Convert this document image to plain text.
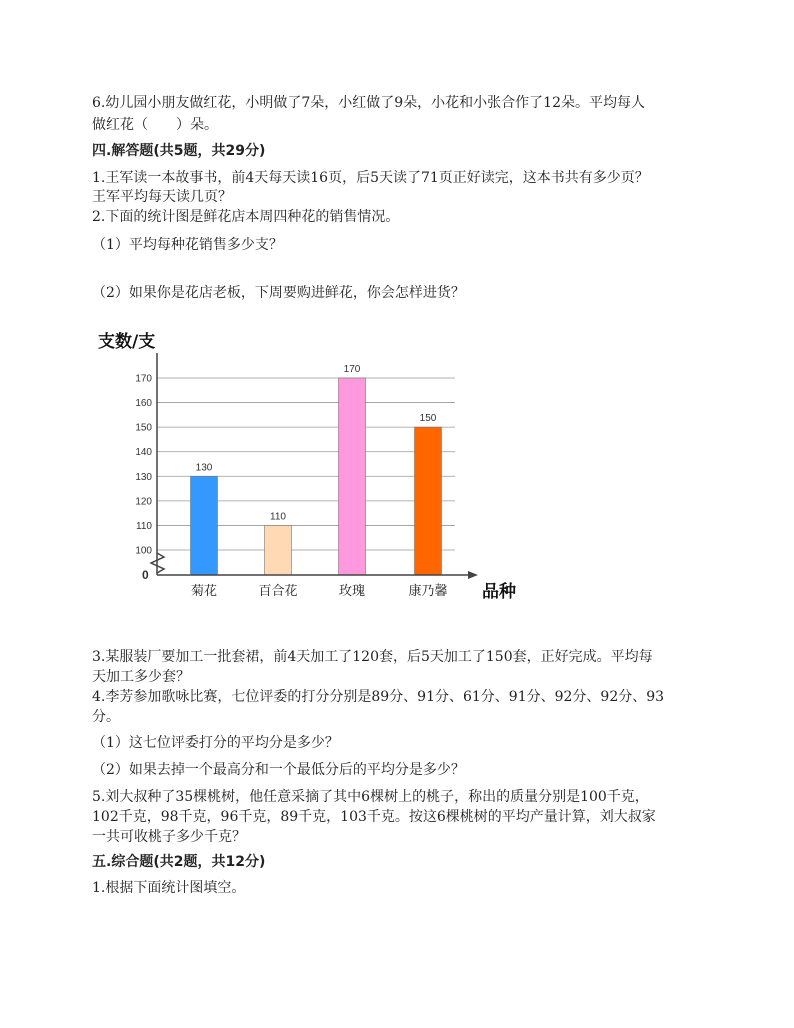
6.幼儿园小朋友做红花，小明做了7朵，小红做了9朵，小花和小张合作了12朵。平均每人
做红花（　　）朵。
四.解答题(共5题，共29分)
1.王军读一本故事书，前4天每天读16页，后5天读了71页正好读完，这本书共有多少页？
王军平均每天读几页？
2.下面的统计图是鲜花店本周四种花的销售情况。
（1）平均每种花销售多少支？
（2）如果你是花店老板，下周要购进鲜花，你会怎样进货？
100
110
120
130
140
150
160
170
130
110
170
150
菊花	百合花	玫瑰	康乃馨
支数/支
品种
0
3.某服装厂要加工一批套裙，前4天加工了120套，后5天加工了150套，正好完成。平均每
天加工多少套？
4.李芳参加歌咏比赛，七位评委的打分分别是89分、91分、61分、91分、92分、92分、93
分。
（1）这七位评委打分的平均分是多少？
（2）如果去掉一个最高分和一个最低分后的平均分是多少？
5.刘大叔种了35棵桃树，他任意采摘了其中6棵树上的桃子，称出的质量分别是100千克，
102千克，98千克，96千克，89千克，103千克。按这6棵桃树的平均产量计算，刘大叔家
一共可收桃子多少千克？
五.综合题(共2题，共12分)
1.根据下面统计图填空。
